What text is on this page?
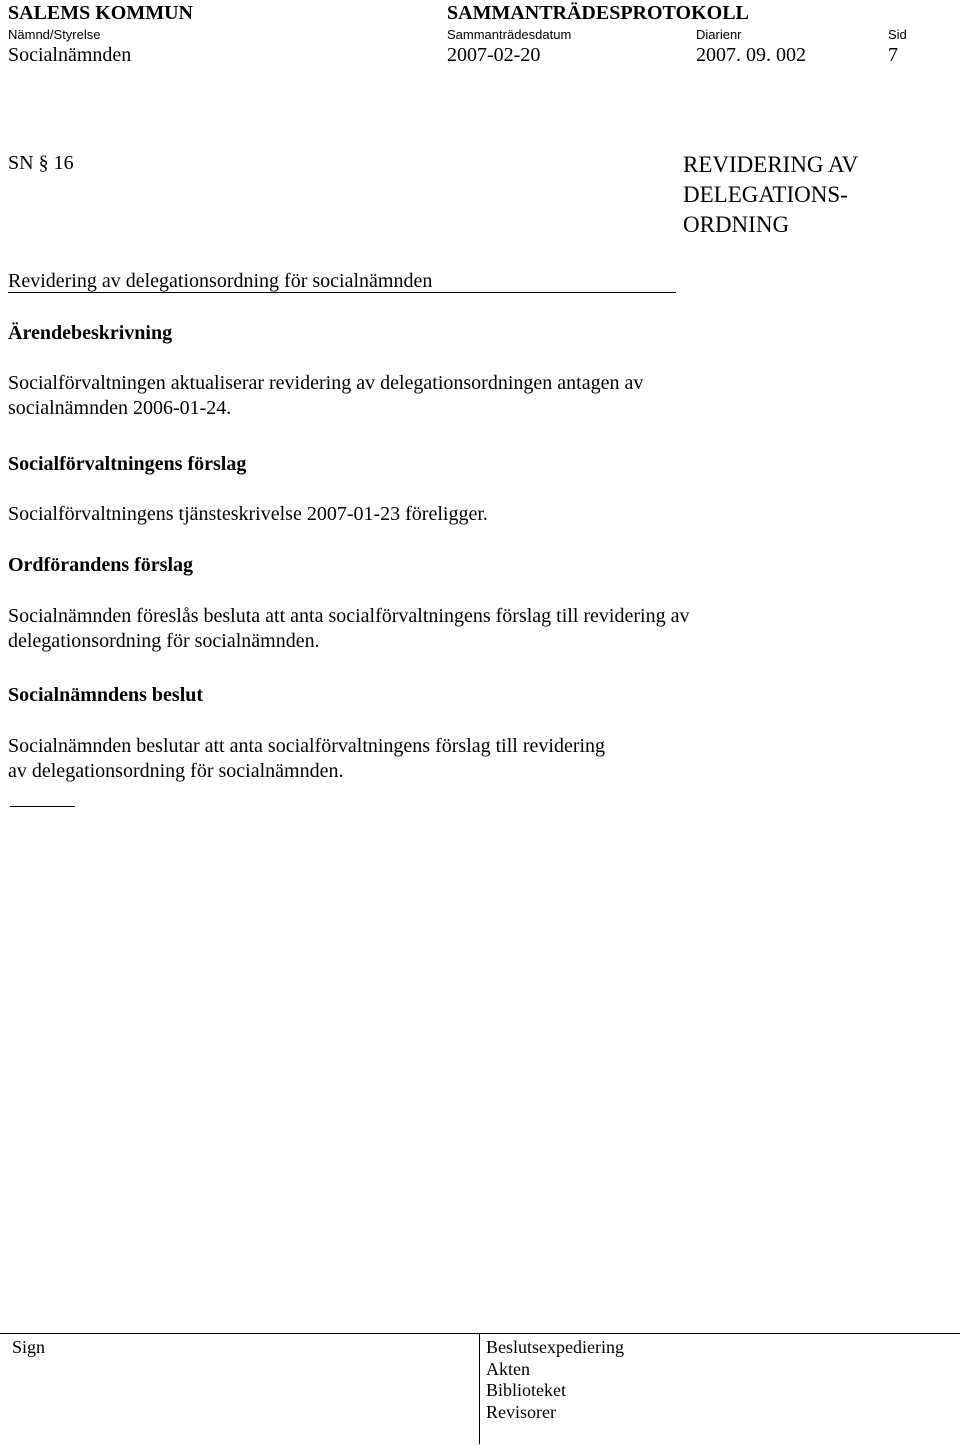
SALEMS KOMMUN	SAMMANTRÄDESPROTOKOLL
Nämnd/Styrelse	Sammanträdesdatum	Diarienr	Sid
Socialnämnden	2007-02-20	2007. 09. 002	7
SN § 16	REVIDERING AV DELEGATIONS-ORDNING
Revidering av delegationsordning för socialnämnden
Ärendebeskrivning
Socialförvaltningen aktualiserar revidering av delegationsordningen antagen av socialnämnden 2006-01-24.
Socialförvaltningens förslag
Socialförvaltningens tjänsteskrivelse 2007-01-23 föreligger.
Ordförandens förslag
Socialnämnden föreslås besluta att anta socialförvaltningens förslag till revidering av delegationsordning för socialnämnden.
Socialnämndens beslut
Socialnämnden beslutar att anta socialförvaltningens förslag till revidering av delegationsordning för socialnämnden.
Sign	Beslutsexpediering
Akten
Biblioteket
Revisorer
